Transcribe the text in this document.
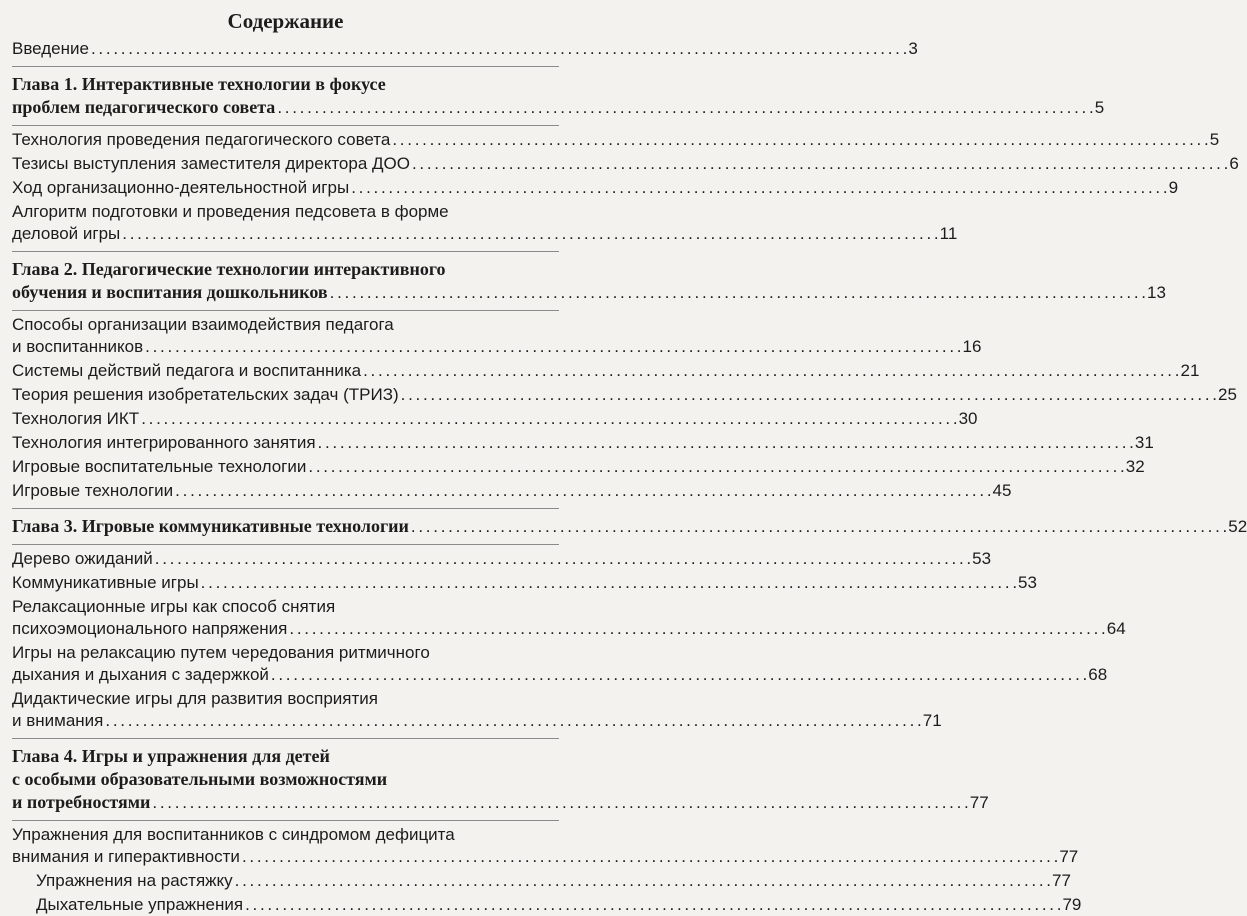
Содержание
Введение . . .	3
Глава 1. Интерактивные технологии в фокусе
проблем педагогического совета . . .	5
Технология проведения педагогического совета . . .	5
Тезисы выступления заместителя директора ДОО . . .	6
Ход организационно-деятельностной игры . . .	9
Алгоритм подготовки и проведения педсовета в форме
деловой игры . . .	11
Глава 2. Педагогические технологии интерактивного
обучения и воспитания дошкольников . . .	13
Способы организации взаимодействия педагога
и воспитанников . . .	16
Системы действий педагога и воспитанника . . .	21
Теория решения изобретательских задач (ТРИЗ) . . .	25
Технология ИКТ . . .	30
Технология интегрированного занятия . . .	31
Игровые воспитательные технологии . . .	32
Игровые технологии . . .	45
Глава 3. Игровые коммуникативные технологии . . .	52
Дерево ожиданий . . .	53
Коммуникативные игры . . .	53
Релаксационные игры как способ снятия
психоэмоционального напряжения . . .	64
Игры на релаксацию путем чередования ритмичного
дыхания и дыхания с задержкой . . .	68
Дидактические игры для развития восприятия
и внимания . . .	71
Глава 4. Игры и упражнения для детей
с особыми образовательными возможностями
и потребностями . . .	77
Упражнения для воспитанников с синдромом дефицита
внимания и гиперактивности . . .	77
Упражнения на растяжку . . .	77
Дыхательные упражнения . . .	79
